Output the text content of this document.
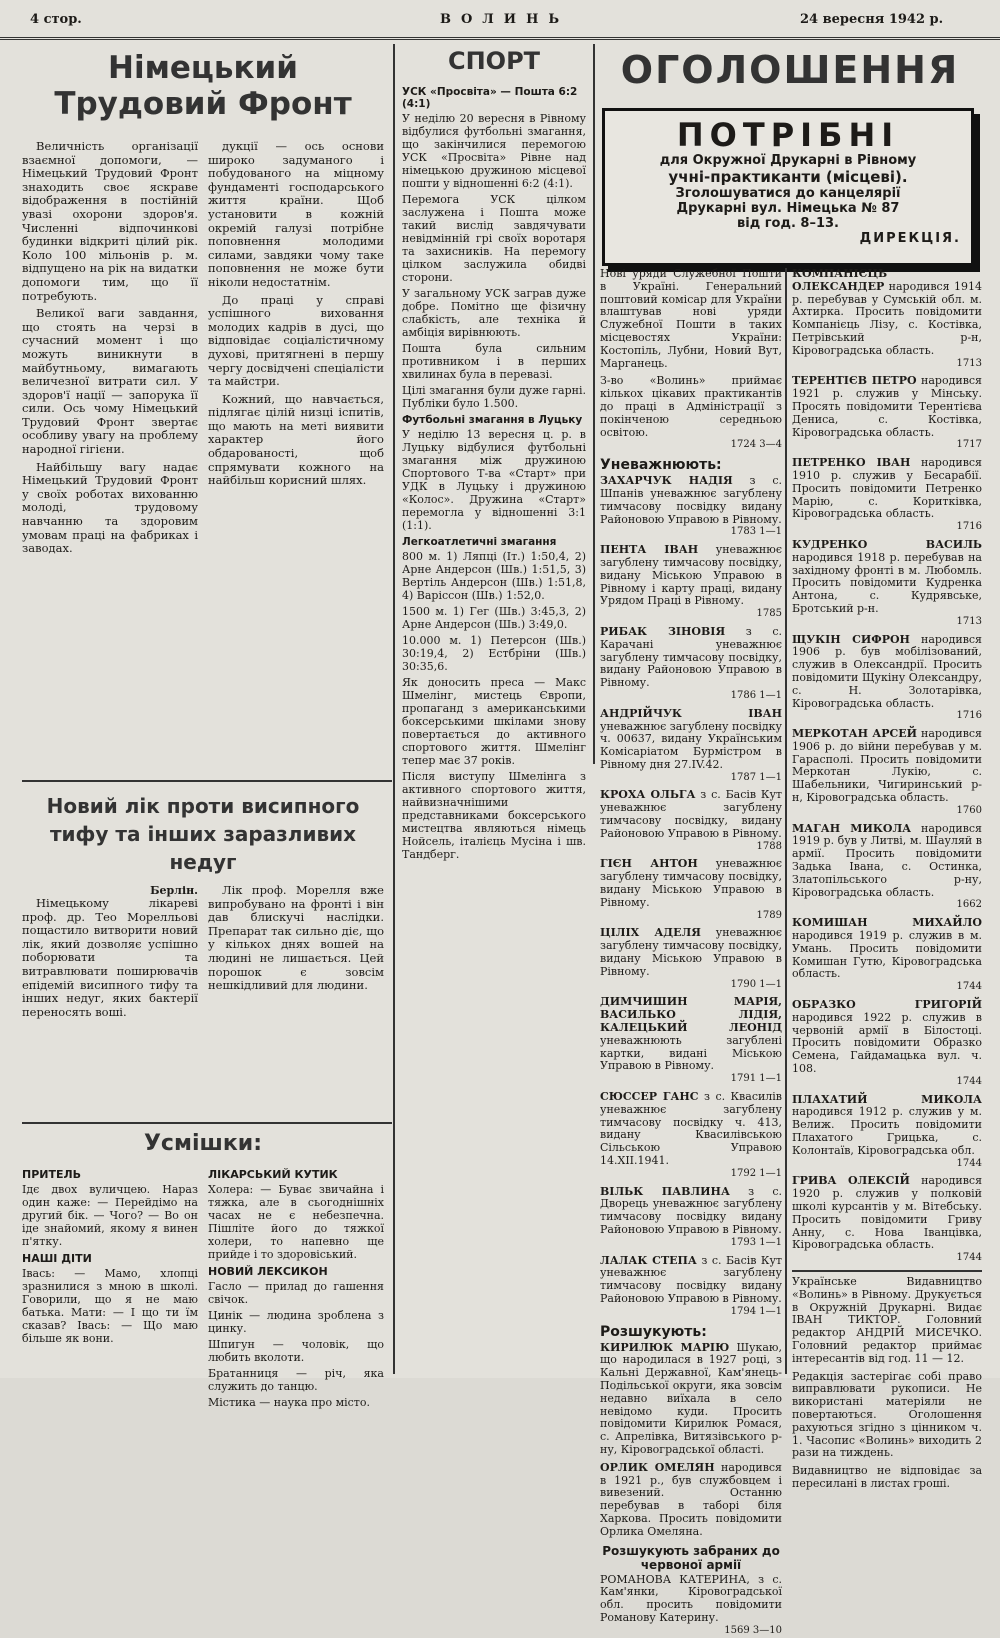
4 стор.	ВОЛИНЬ	24 вересня 1942 р.
Німецький Трудовий Фронт

Величність організації взаємної допомоги, — Німецький Трудовий Фронт знаходить своє яскраве відображення в постійній увазі охорони здоров'я. Численні відпочинкові будинки відкриті цілий рік. Коло 100 мільонів р. м. відпущено на рік на видатки допомоги тим, що її потребують.

Великої ваги завдання, що стоять на черзі в сучасний момент і що можуть виникнути в майбутньому, вимагають величезної витрати сил. У здоров'ї нації — запорука її сили. Ось чому Німецький Трудовий Фронт звертає особливу увагу на проблему народної гігієни.

Найбільшу вагу надає Німецький Трудовий Фронт у своїх роботах вихованню молоді, трудовому навчанню та здоровим умовам праці на фабриках і заводах.

дукції — ось основи широко задуманого і побудованого на міцному фундаменті господарського життя країни. Щоб установити в кожній окремій галузі потрібне поповнення молодими силами, завдяки чому таке поповнення не може бути ніколи недостатнім.

До праці у справі успішного виховання молодих кадрів в дусі, що відповідає соціалістичному духові, притягнені в першу чергу досвідчені спеціалісти та майстри.

Кожний, що навчається, підлягає цілій низці іспитів, що мають на меті виявити характер його обдарованості, щоб спрямувати кожного на найбільш корисний шлях.

Новий лік проти висипного тифу та інших заразливих недуг
Берлін.

Німецькому лікареві проф. др. Тео Морелльові пощастило витворити новий лік, який дозволяє успішно поборювати та витравлювати поширювачів епідемій висипного тифу та інших недуг, яких бактерії переносять воші.

Лік проф. Морелля вже випробувано на фронті і він дав блискучі наслідки. Препарат так сильно діє, що у кількох днях вошей на людині не лишається. Цей порошок є зовсім нешкідливий для людини.

Усмішки:
ПРИТЕЛЬ

Ідє двох вуличцею. Нараз один каже: — Перейдімо на другий бік. — Чого? — Во он іде знайомий, якому я винен п'ятку.

НАШІ ДІТИ

Івась: — Мамо, хлопці зразнилися з мною в школі. Говорили, що я не маю батька. Мати: — І що ти їм сказав? Івась: — Що маю більше як вони.

ЛІКАРСЬКИЙ КУТИК

Холера: — Буває звичайна і тяжка, але в сьогоднішніх часах не є небезпечна. Пішліте його до тяжкої холери, то напевно ще прийде і то здоровіський.

НОВИЙ ЛЕКСИКОН

Гасло — прилад до гашення свічок.

Цинік — людина зроблена з цинку.

Шпигун — чоловік, що любить вколоти.

Братанниця — річ, яка служить до танцю.

Містика — наука про місто.

СПОРТ
УСК «Просвіта» — Пошта 6:2 (4:1)

У неділю 20 вересня в Рівному відбулися футбольні змагання, що закінчилися перемогою УСК «Просвіта» Рівне над німецькою дружиною місцевої пошти у відношенні 6:2 (4:1).

Перемога УСК цілком заслужена і Пошта може такий вислід завдячувати невідмінній грі своїх воротаря та захисників. На перемогу цілком заслужила обидві сторони.

У загальному УСК заграв дуже добре. Помітно ще фізичну слабкість, але техніка й амбіція вирівнюють.

Пошта була сильним противником і в перших хвилинах була в перевазі.

Цілі змагання були дуже гарні. Публіки було 1.500.

Футбольні змагання в Луцьку

У неділю 13 вересня ц. р. в Луцьку відбулися футбольні змагання між дружиною Спортового Т-ва «Старт» при УДК в Луцьку і дружиною «Колос». Дружина «Старт» перемогла у відношенні 3:1 (1:1).

Легкоатлетичні змагання

800 м. 1) Ляпці (Іт.) 1:50,4, 2) Арне Андерсон (Шв.) 1:51,5, 3) Вертіль Андерсон (Шв.) 1:51,8, 4) Варіссон (Шв.) 1:52,0.

1500 м. 1) Гег (Шв.) 3:45,3, 2) Арне Андерсон (Шв.) 3:49,0.

10.000 м. 1) Петерсон (Шв.) 30:19,4, 2) Естбріни (Шв.) 30:35,6.

Як доносить преса — Макс Шмелінг, мистець Європи, пропаганд з американськими боксерськими шкілами знову повертається до активного спортового життя. Шмелінг тепер має 37 років.

Після виступу Шмелінга з активного спортового життя, найвизначнішими представниками боксерського мистецтва являються німець Нойсель, італієць Мусіна і шв. Тандберг.

ОГОЛОШЕННЯ
ПОТРІБНІ
для Окружної Друкарні в Рівному
учні-практиканти (місцеві).
Зголошуватися до канцелярії
Друкарні вул. Німецька № 87
від год. 8–13.
ДИРЕКЦІЯ.

Нові уряди Служебної Пошти в Україні. Генеральний поштовий комісар для України влаштував нові уряди Служебної Пошти в таких місцевостях України: Костопіль, Лубни, Новий Вут, Марганець.

З-во «Волинь» приймає кількох цікавих практикантів до праці в Адміністрації з покінченою середньою освітою.
1724 3—4

Уневажнюють:

ЗАХАРЧУК НАДІЯ з с. Шпанів уневажнює загублену тимчасову посвідку видану Районовою Управою в Рівному.
1783 1—1

ПЕНТА ІВАН уневажнює загублену тимчасову посвідку, видану Міською Управою в Рівному і карту праці, видану Урядом Праці в Рівному.
1785

РИБАК ЗІНОВІЯ з с. Карачані уневажнює загублену тимчасову посвідку, видану Районовою Управою в Рівному.
1786 1—1

АНДРІЙЧУК ІВАН уневажнює загублену посвідку ч. 00637, видану Українським Комісаріатом Бурмістром в Рівному дня 27.IV.42.
1787 1—1

КРОХА ОЛЬГА з с. Басів Кут уневажнює загублену тимчасову посвідку, видану Районовою Управою в Рівному.
1788

ГІЄН АНТОН уневажнює загублену тимчасову посвідку, видану Міською Управою в Рівному.
1789

ЦІЛІХ АДЕЛЯ уневажнює загублену тимчасову посвідку, видану Міською Управою в Рівному.
1790 1—1

ДИМЧИШИН МАРІЯ, ВАСИЛЬКО ЛІДІЯ, КАЛЕЦЬКИЙ ЛЕОНІД уневажнюють загублені картки, видані Міською Управою в Рівному.
1791 1—1

СЮССЕР ГАНС з с. Квасилів уневажнює загублену тимчасову посвідку ч. 413, видану Квасилівською Сільською Управою 14.XII.1941.
1792 1—1

ВІЛЬК ПАВЛИНА з с. Дворець уневажнює загублену тимчасову посвідку видану Районовою Управою в Рівному.
1793 1—1

ЛАЛАК СТЕПА з с. Басів Кут уневажнює загублену тимчасову посвідку видану Районовою Управою в Рівному.
1794 1—1

Розшукують:

КИРИЛЮК МАРІЮ Шукаю, що народилася в 1927 році, з Кальні Державної, Кам'янець-Подільської округи, яка зовсім недавно виїхала в село невідомо куди. Просить повідомити Кирилюк Ромася, с. Апрелівка, Витязівського р-ну, Кіровоградської області.

ОРЛИК ОМЕЛЯН народився в 1921 р., був службовцем і вивезений. Останню перебував в таборі біля Харкова. Просить повідомити Орлика Омеляна.

Розшукують забраних до червоної армії

РОМАНОВА КАТЕРИНА, з с. Кам'янки, Кіровоградської обл. просить повідомити Романову Катерину.
1569 3—10

КОМПАНІЄЦЬ ОЛЕКСАНДЕР народився 1914 р. перебував у Сумській обл. м. Ахтирка. Просить повідомити Компанієць Лізу, с. Костівка, Петрівський р-н, Кіровоградська область.
1713

ТЕРЕНТІЄВ ПЕТРО народився 1921 р. служив у Мінську. Просять повідомити Терентієва Дениса, с. Костівка, Кіровоградська область.
1717

ПЕТРЕНКО ІВАН народився 1910 р. служив у Бесарабії. Просить повідомити Петренко Марію, с. Коритківка, Кіровоградська область.
1716

КУДРЕНКО ВАСИЛЬ народився 1918 р. перебував на західному фронті в м. Любомль. Просить повідомити Кудренка Антона, с. Кудрявське, Бротський р-н.
1713

ЩУКІН СИФРОН народився 1906 р. був мобілізований, служив в Олександрії. Просить повідомити Щукіну Олександру, с. Н. Золотарівка, Кіровоградська область.
1716

МЕРКОТАН АРСЕЙ народився 1906 р. до війни перебував у м. Гарасполі. Просить повідомити Меркотан Лукію, с. Шабельники, Чигиринський р-н, Кіровоградська область.
1760

МАГАН МИКОЛА народився 1919 р. був у Литві, м. Шауляй в армії. Просить повідомити Задька Івана, с. Остинка, Златопільського р-ну, Кіровоградська область.
1662

КОМИШАН МИХАЙЛО народився 1919 р. служив в м. Умань. Просить повідомити Комишан Гутю, Кіровоградська область.
1744

ОБРАЗКО ГРИГОРІЙ народився 1922 р. служив в червоній армії в Білостоці. Просить повідомити Образко Семена, Гайдамацька вул. ч. 108.
1744

ПЛАХАТИЙ МИКОЛА народився 1912 р. служив у м. Велиж. Просить повідомити Плахатого Грицька, с. Колонтаїв, Кіровоградська обл.
1744

ГРИВА ОЛЕКСІЙ народився 1920 р. служив у полковій школі курсантів у м. Вітебську. Просить повідомити Гриву Анну, с. Нова Іванцівка, Кіровоградська область.
1744

Українське Видавництво «Волинь» в Рівному. Друкується в Окружній Друкарні. Видає ІВАН ТИКТОР. Головний редактор АНДРІЙ МИСЕЧКО. Головний редактор приймає інтересантів від год. 11 — 12.

Редакція застерігає собі право виправлювати рукописи. Не використані матеріяли не повертаються. Оголошення рахуються згідно з цінником ч. 1. Часопис «Волинь» виходить 2 рази на тиждень.

Видавництво не відповідає за пересилані в листах гроші.
